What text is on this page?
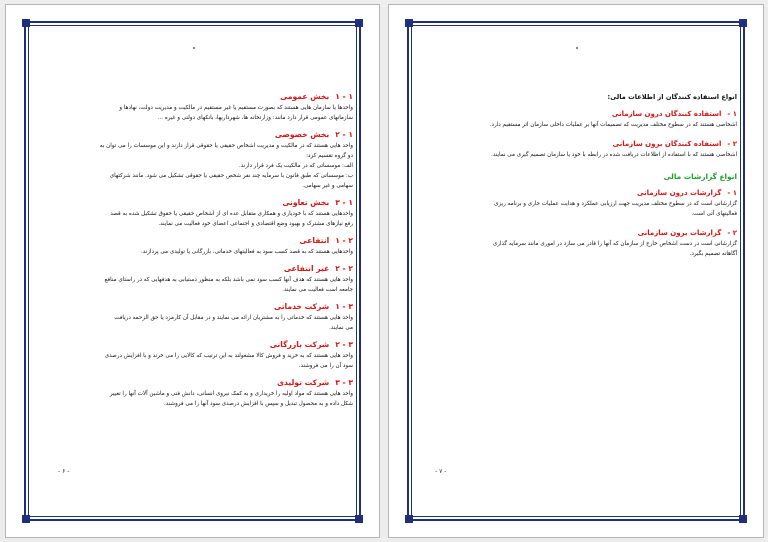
۱ - ۱بخش عمومی

واحدها یا سازمان هایی هستند که بصورت مستقیم یا غیر مستقیم در مالکیت و مدیریت دولت، نهادها و

سازمانهای عمومی قرار دارد مانند: وزارتخانه ها، شهرداریها، بانکهای دولتی و غیره ...

۱ - ۲بخش خصوصی

واحد هایی هستند که در مالکیت و مدیریت اشخاص حقیقی یا حقوقی قرار دارند و این موسسات را می توان به

دو گروه تقسیم کرد:

الف: موسساتی که در مالکیت یک فرد قرار دارند.

ب: موسساتی که طبق قانون با سرمایه چند نفر شخص حقیقی یا حقوقی تشکیل می شود. مانند شرکتهای

سهامی و غیر سهامی.

۱ - ۳بخش تعاونی

واحدهایی هستند که با خودیاری و همکاری متقابل عده ای از اشخاص حقیقی یا حقوق تشکیل شده به قصد

رفع نیازهای مشترک و بهبود وضع اقتصادی و اجتماعی اعضای خود فعالیت می نمایند.

۲ - ۱انتفاعی

واحدهایی هستند که به قصد کسب سود به فعالیتهای خدماتی، بازرگانی یا تولیدی می پردازند.

۲ - ۲غیر انتفاعی

واحد هایی هستند که هدف آنها کسب سود نمی باشد بلکه به منظور دستیابی به هدفهایی که در راستای منافع

جامعه است فعالیت می نمایند.

۳ - ۱شرکت خدماتی

واحد هایی هستند که خدماتی را به مشتریان ارائه می نمایند و در مقابل آن کارمزد یا حق الزحمه دریافت

می نمایند.

۳ - ۲شرکت بازرگانی

واحد هایی هستند که به خرید و فروش کالا مشغولند به این ترتیب که کالایی را می خرند و با افزایش درصدی

سود آن را می فروشند.

۳ - ۳شرکت تولیدی

واحد هایی هستند که مواد اولیه را خریداری و به کمک نیروی انسانی، دانش فنی و ماشین آلات آنها را تغییر

شکل داده و به محصول تبدیل و سپس با افزایش درصدی سود آنها را می فروشند.

- ۶ -
انواع استفاده کنندگان از اطلاعات مالی:
۱ -استفاده کنندگان درون سازمانی

اشخاصی هستند که در سطوح مختلف مدیریت که تصمیمات آنها بر عملیات داخلی سازمان اثر مستقیم دارد.

۲ -استفاده کنندگان برون سازمانی

اشخاصی هستند که با استفاده از اطلاعات دریافت شده در رابطه با خود یا سازمان تصمیم گیری می نمایند.

انواع گزارشات مالی
۱ -گزارشات درون سازمانی

گزارشاتی است که در سطوح مختلف مدیریت جهت ارزیابی عملکرد و هدایت عملیات جاری و برنامه ریزی

فعالیتهای آتی است.

۲ -گزارشات برون سازمانی

گزارشاتی است در دست اشخاص خارج از سازمان که آنها را قادر می سازد در اموری مانند سرمایه گذاری

آگاهانه تصمیم بگیرد.

- ۷ -
